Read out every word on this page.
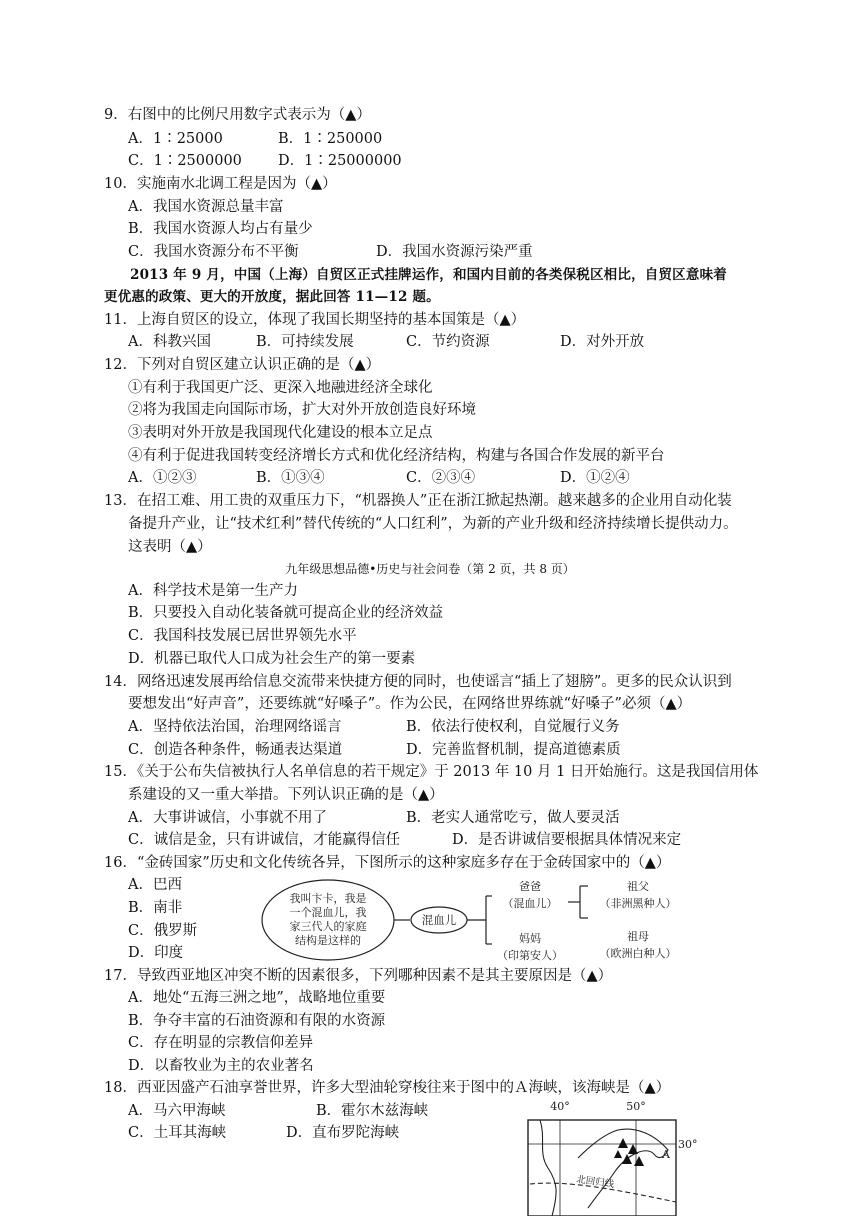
9．右图中的比例尺用数字式表示为（▲）
A．1∶25000	B．1∶250000
C．1∶2500000 D．1∶25000000
10．实施南水北调工程是因为（▲）
A．我国水资源总量丰富
B．我国水资源人均占有量少
C．我国水资源分布不平衡	D．我国水资源污染严重
2013 年 9 月，中国（上海）自贸区正式挂牌运作，和国内目前的各类保税区相比，自贸区意味着
更优惠的政策、更大的开放度，据此回答 11—12 题。
11．上海自贸区的设立，体现了我国长期坚持的基本国策是（▲）
A．科教兴国	B．可持续发展	C．节约资源	D．对外开放
12．下列对自贸区建立认识正确的是（▲）
①有利于我国更广泛、更深入地融进经济全球化
②将为我国走向国际市场，扩大对外开放创造良好环境
③表明对外开放是我国现代化建设的根本立足点
④有利于促进我国转变经济增长方式和优化经济结构，构建与各国合作发展的新平台
A．①②③	B．①③④	C．②③④	D．①②④
13．在招工难、用工贵的双重压力下，“机器换人”正在浙江掀起热潮。越来越多的企业用自动化装
备提升产业，让“技术红利”替代传统的“人口红利”，为新的产业升级和经济持续增长提供动力。
这表明（▲）
九年级思想品德•历史与社会问卷（第 2 页，共 8 页）
A．科学技术是第一生产力
B．只要投入自动化装备就可提高企业的经济效益
C．我国科技发展已居世界领先水平
D．机器已取代人口成为社会生产的第一要素
14．网络迅速发展再给信息交流带来快捷方便的同时，也使谣言“插上了翅膀”。更多的民众认识到
要想发出“好声音”，还要练就“好嗓子”。作为公民，在网络世界练就“好嗓子”必须（▲）
A．坚持依法治国，治理网络谣言	B．依法行使权利，自觉履行义务
C．创造各种条件，畅通表达渠道	D．完善监督机制，提高道德素质
15．《关于公布失信被执行人名单信息的若干规定》于 2013 年 10 月 1 日开始施行。这是我国信用体
系建设的又一重大举措。下列认识正确的是（▲）
A．大事讲诚信，小事就不用了	B．老实人通常吃亏，做人要灵活
C．诚信是金，只有讲诚信，才能赢得信任	D．是否讲诚信要根据具体情况来定
16．“金砖国家”历史和文化传统各异，下图所示的这种家庭多存在于金砖国家中的（▲）
A．巴西
B．南非
C．俄罗斯
D．印度
我叫卞卡，我是
一个混血儿，我
家三代人的家庭
结构是这样的
混血儿
爸爸
（混血儿）
妈妈
（印第安人）
祖父
（非洲黑种人）
祖母
（欧洲白种人）
17．导致西亚地区冲突不断的因素很多，下列哪种因素不是其主要原因是（▲）
A．地处“五海三洲之地”，战略地位重要
B．争夺丰富的石油资源和有限的水资源
C．存在明显的宗教信仰差异
D．以畜牧业为主的农业著名
18．西亚因盛产石油享誉世界，许多大型油轮穿梭往来于图中的Ａ海峡，该海峡是（▲）
A．马六甲海峡	B．霍尔木兹海峡
C．土耳其海峡	D．直布罗陀海峡
40°	50°
30°
北回归线
A
